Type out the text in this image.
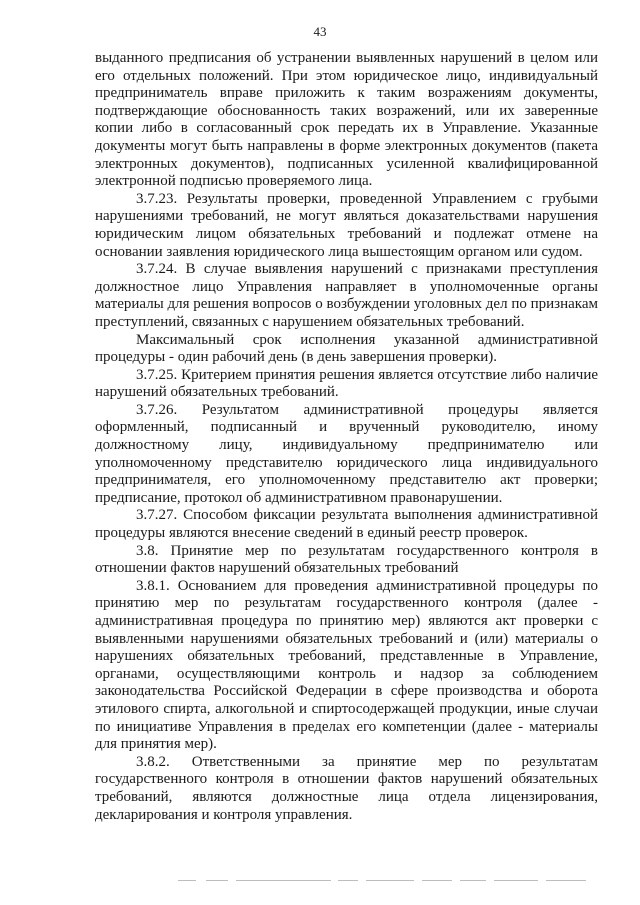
43

выданного предписания об устранении выявленных нарушений в целом или его отдельных положений. При этом юридическое лицо, индивидуальный предприниматель вправе приложить к таким возражениям документы, подтверждающие обоснованность таких возражений, или их заверенные копии либо в согласованный срок передать их в Управление. Указанные документы могут быть направлены в форме электронных документов (пакета электронных документов), подписанных усиленной квалифицированной электронной подписью проверяемого лица.

3.7.23. Результаты проверки, проведенной Управлением с грубыми нарушениями требований, не могут являться доказательствами нарушения юридическим лицом обязательных требований и подлежат отмене на основании заявления юридического лица вышестоящим органом или судом.

3.7.24. В случае выявления нарушений с признаками преступления должностное лицо Управления направляет в уполномоченные органы материалы для решения вопросов о возбуждении уголовных дел по признакам преступлений, связанных с нарушением обязательных требований.

Максимальный срок исполнения указанной административной процедуры - один рабочий день (в день завершения проверки).

3.7.25. Критерием принятия решения является отсутствие либо наличие нарушений обязательных требований.

3.7.26. Результатом административной процедуры является оформленный, подписанный и врученный руководителю, иному должностному лицу, индивидуальному предпринимателю или уполномоченному представителю юридического лица индивидуального предпринимателя, его уполномоченному представителю акт проверки; предписание, протокол об административном правонарушении.

3.7.27. Способом фиксации результата выполнения административной процедуры являются внесение сведений в единый реестр проверок.

3.8. Принятие мер по результатам государственного контроля в отношении фактов нарушений обязательных требований

3.8.1. Основанием для проведения административной процедуры по принятию мер по результатам государственного контроля (далее - административная процедура по принятию мер) являются акт проверки с выявленными нарушениями обязательных требований и (или) материалы о нарушениях обязательных требований, представленные в Управление, органами, осуществляющими контроль и надзор за соблюдением законодательства Российской Федерации в сфере производства и оборота этилового спирта, алкогольной и спиртосодержащей продукции, иные случаи по инициативе Управления в пределах его компетенции (далее - материалы для принятия мер).

3.8.2. Ответственными за принятие мер по результатам государственного контроля в отношении фактов нарушений обязательных требований, являются должностные лица отдела лицензирования, декларирования и контроля управления.
